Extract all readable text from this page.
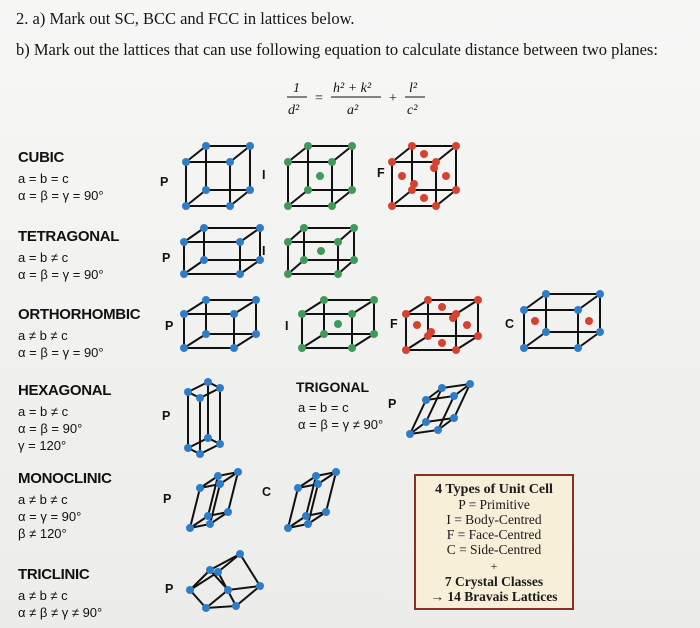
2. a) Mark out SC, BCC and FCC in lattices below.
b) Mark out the lattices that can use following equation to calculate distance between two planes:
1
d²
=
h² + k²
a²
+
l²
c²
CUBIC
a = b = c
α = β = γ = 90°
TETRAGONAL
a = b ≠ c
α = β = γ = 90°
ORTHORHOMBIC
a ≠ b ≠ c
α = β = γ = 90°
HEXAGONAL
a = b ≠ c
α = β = 90°
γ = 120°
TRIGONAL
a = b = c
α = β = γ ≠ 90°
MONOCLINIC
a ≠ b ≠ c
α = γ = 90°
β ≠ 120°
TRICLINIC
a ≠ b ≠ c
α ≠ β ≠ γ ≠ 90°
P	I	F
P	I
P	I	F	C
P
P
P	C
P
4 Types of Unit Cell
P = Primitive
I = Body-Centred
F = Face-Centred
C = Side-Centred
+
7 Crystal Classes
→ 14 Bravais Lattices
